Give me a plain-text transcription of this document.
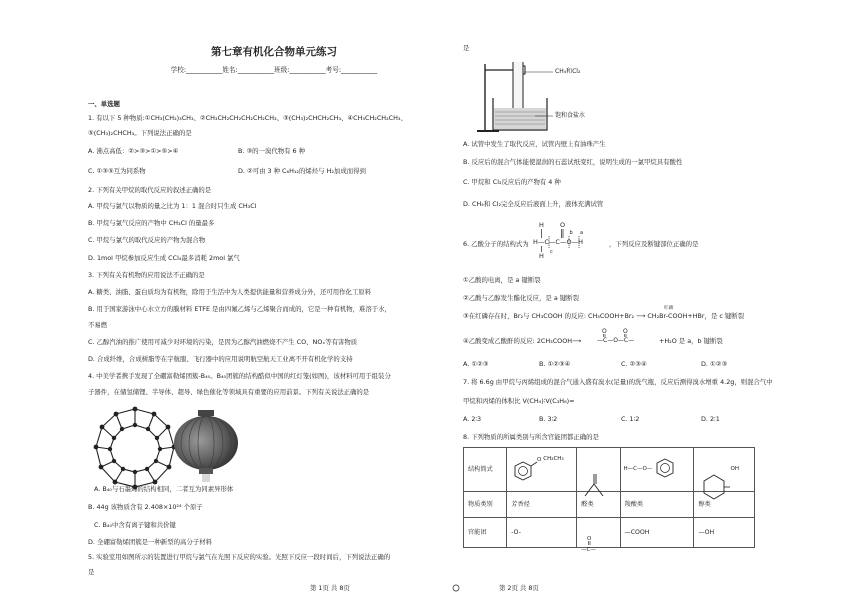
第七章有机化合物单元练习
学校:___________姓名:___________班级:___________考号:___________
一、单选题
1. 有以下 5 种物质:①CH₃(CH₂)₃CH₃、②CH₃CH₂CH₂CH₂CH₂CH₃、③(CH₃)₂CHCH₂CH₃、④CH₃CH₂CH₂CH₃、
⑤(CH₃)₂CHCH₃。下列说法正确的是
A. 沸点高低：②>③>①>⑤>④	B. ③的一溴代物有 6 种
C. ①③⑤互为同系物	D. ②可由 3 种 C₆H₁₂的烯烃与 H₂加成而得到
2. 下列有关甲烷的取代反应的叙述正确的是
A. 甲烷与氯气以物质的量之比为 1：1 混合时只生成 CH₃Cl
B. 甲烷与氯气反应的产物中 CH₃Cl 的量最多
C. 甲烷与氯气的取代反应的产物为混合物
D. 1mol 甲烷参加反应生成 CCl₄最多消耗 2mol 氯气
3. 下列有关有机物的应用说法不正确的是
A. 糖类、油脂、蛋白质均为有机物，除用于生活中为人类提供能量和营养成分外，还可用作化工原料
B. 用于国家游泳中心水立方的膜材料 ETFE 是由四氟乙烯与乙烯聚合而成的，它是一种有机物，难溶于水，
不易燃
C. 乙醇汽油的推广使用可减少对环境的污染，是因为乙醇汽油燃烧不产生 CO、NOₓ等有害物质
D. 合成纤维，合成树脂等在宇航服、飞行器中的应用说明航空航天工业离不开有机化学的支持
4. 中美学者携手发现了全硼富勒烯团簇-B₄₀。B₄₀团簇的结构酷似中国的红灯笼(如图)，该材料可用于组装分
子器件，在储氢储锂、半导体、超导、绿色催化等领域具有重要的应用前景。下列有关说法正确的是
A. B₄₀与石墨烯的结构相同，二者互为同素异形体
B. 44g 该物质含有 2.408×10²⁴ 个原子
C. B₄₀中含有离子键和共价键
D. 全硼富勒烯团簇是一种新型的高分子材料
5. 实验室用如图所示的装置进行甲烷与氯气在光照下反应的实验。光照下反应一段时间后，下列说法正确的
是
第 1页 共 8页
是
CH₄和Cl₂
饱和食盐水
A. 试管中发生了取代反应，试管内壁上有油珠产生
B. 反应后的混合气体能使湿润的石蕊试纸变红，说明生成的一氯甲烷具有酸性
C. 甲烷和 Cl₂反应后的产物有 4 种
D. CH₄和 Cl₂完全反应后液面上升，液体充满试管
6. 乙酸分子的结构式为
H
H—C—C—O—H
H
O
c
b a
，下列反应及断键部位正确的是
①乙酸的电离，是 a 键断裂
②乙酸与乙醇发生酯化反应，是 a 键断裂
③在红磷存在时，Br₂与 CH₃COOH 的反应: CH₃COOH+Br₂ ⟶ CH₂Br-COOH+HBr，是 c 键断裂
红磷
④乙酸变成乙酸酐的反应: 2CH₃COOH⟶	—C—O—C—
O	O
+H₂O 是 a，b 键断裂
A. ①②③	B. ①②③④	C. ②③④	D. ①②③
7. 将 6.6g 由甲烷与丙烯组成的混合气通入盛有溴水(足量)的洗气瓶，反应后测得溴水增重 4.2g，则混合气中
甲烷和丙烯的体积比 V(CH₄)∶V(C₃H₆)=
A. 2∶3	B. 3∶2	C. 1∶2	D. 2∶1
8. 下列物质的所属类别与所含官能团都正确的是
结构简式	O CH₂CH₃		H—C—O—	OH

物质类别	芳香烃	醛类	羧酸类	醇类
官能团	-O-	O
—C—	—COOH	—OH
第 2页 共 8页
